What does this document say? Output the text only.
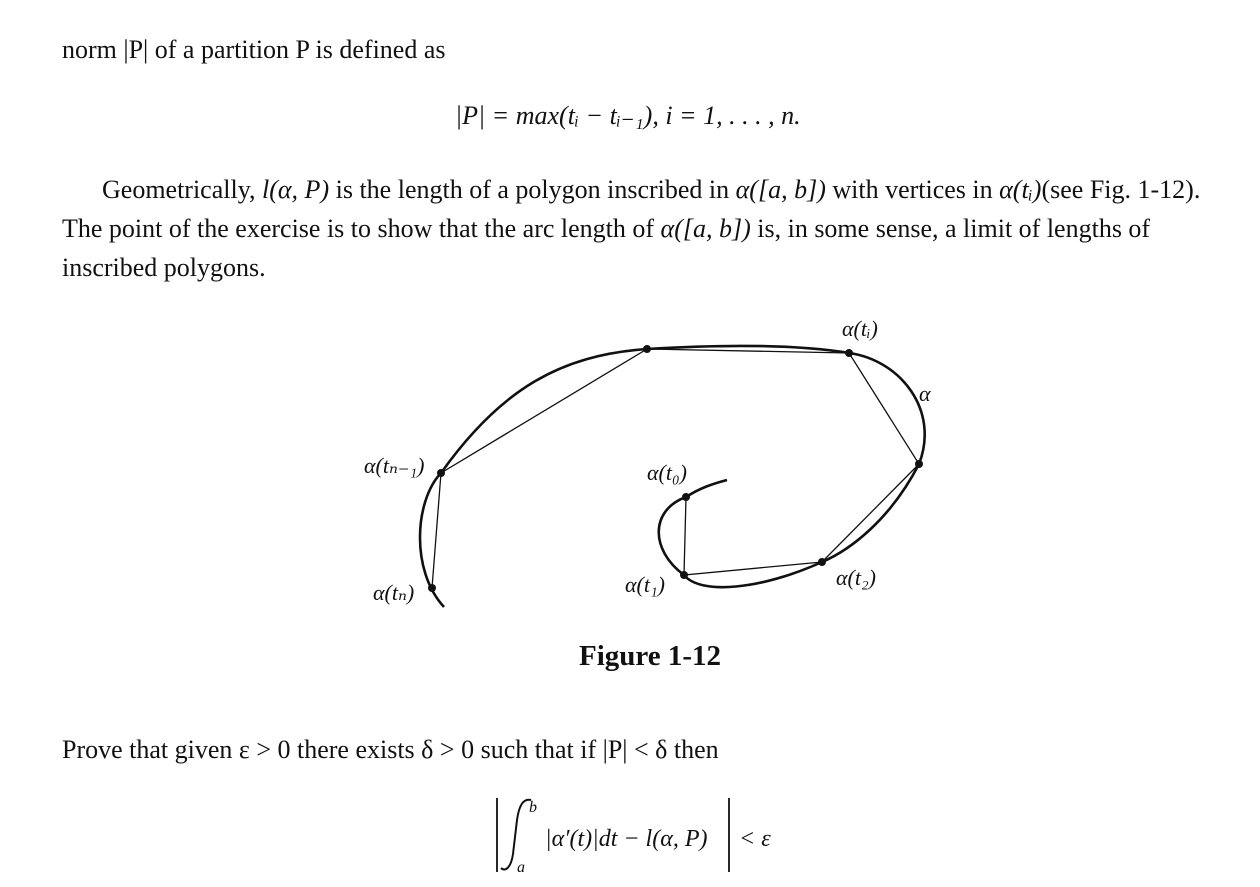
norm |P| of a partition P is defined as
|P| = max(tᵢ − tᵢ₋₁), i = 1, . . . , n.
Geometrically, l(α, P) is the length of a polygon inscribed in α([a, b]) with vertices in α(tᵢ)(see Fig. 1-12). The point of the exercise is to show that the arc length of α([a, b]) is, in some sense, a limit of lengths of inscribed polygons.
α(tᵢ)
α
α(tₙ₋₁)	α(t₀)
α(t₁)	α(t₂)
α(tₙ)
Figure 1-12
Prove that given ε > 0 there exists δ > 0 such that if |P| < δ then
b
a
|α′(t)|dt − l(α, P) < ε
